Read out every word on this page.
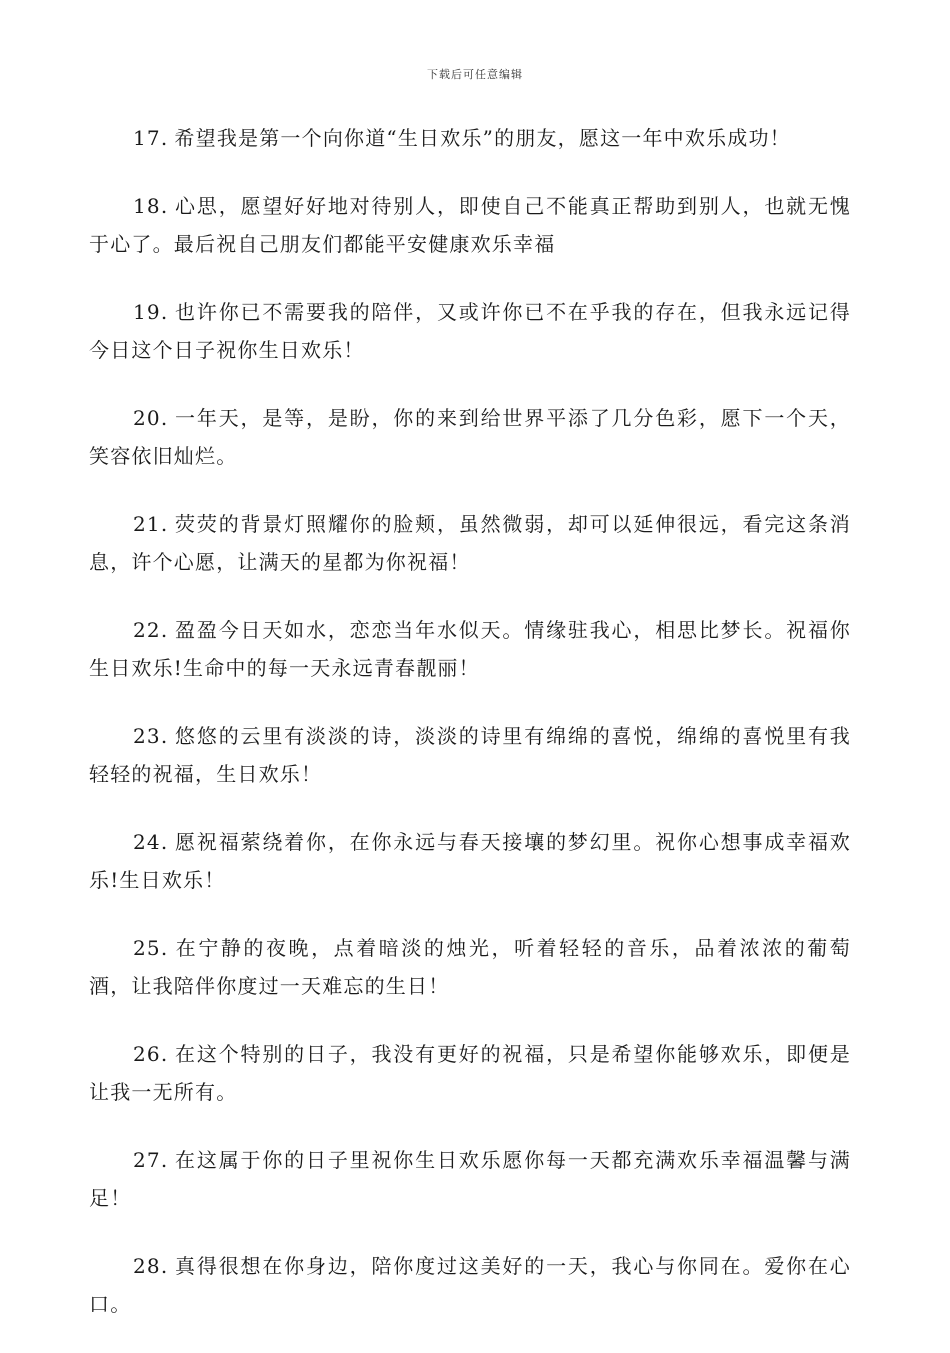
下载后可任意编辑

17. 希望我是第一个向你道“生日欢乐”的朋友，愿这一年中欢乐成功！

18. 心思，愿望好好地对待别人，即使自己不能真正帮助到别人，也就无愧于心了。最后祝自己朋友们都能平安健康欢乐幸福

19. 也许你已不需要我的陪伴，又或许你已不在乎我的存在，但我永远记得今日这个日子祝你生日欢乐！

20. 一年天，是等，是盼，你的来到给世界平添了几分色彩，愿下一个天，笑容依旧灿烂。

21. 荧荧的背景灯照耀你的脸颊，虽然微弱，却可以延伸很远，看完这条消息，许个心愿，让满天的星都为你祝福！

22. 盈盈今日天如水，恋恋当年水似天。情缘驻我心，相思比梦长。祝福你生日欢乐!生命中的每一天永远青春靓丽！

23. 悠悠的云里有淡淡的诗，淡淡的诗里有绵绵的喜悦，绵绵的喜悦里有我轻轻的祝福，生日欢乐！

24. 愿祝福萦绕着你，在你永远与春天接壤的梦幻里。祝你心想事成幸福欢乐!生日欢乐！

25. 在宁静的夜晚，点着暗淡的烛光，听着轻轻的音乐，品着浓浓的葡萄酒，让我陪伴你度过一天难忘的生日！

26. 在这个特别的日子，我没有更好的祝福，只是希望你能够欢乐，即便是让我一无所有。

27. 在这属于你的日子里祝你生日欢乐愿你每一天都充满欢乐幸福温馨与满足！

28. 真得很想在你身边，陪你度过这美好的一天，我心与你同在。爱你在心口。
